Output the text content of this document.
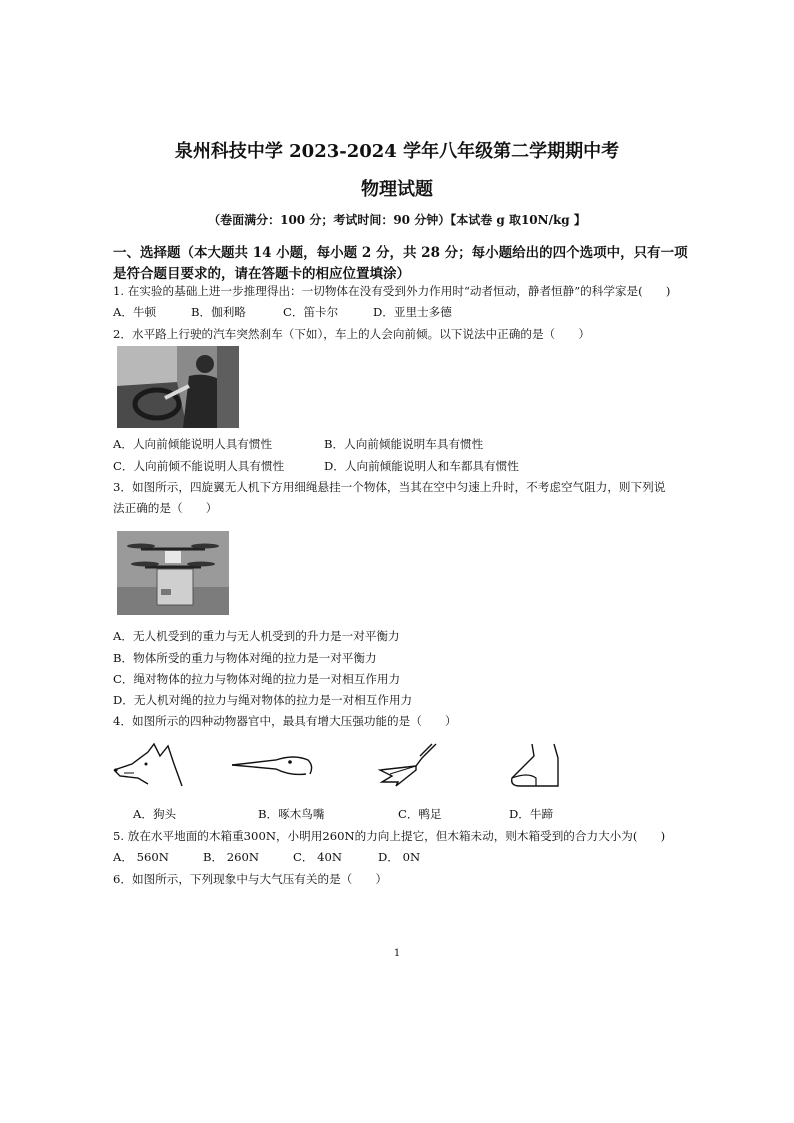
泉州科技中学 2023-2024 学年八年级第二学期期中考
物理试题
（卷面满分：100 分；考试时间：90 分钟）【本试卷 g 取10N/kg 】
一、选择题（本大题共 14 小题，每小题 2 分，共 28 分；每小题给出的四个选项中，只有一项
是符合题目要求的，请在答题卡的相应位置填涂）
1. 在实验的基础上进一步推理得出：一切物体在没有受到外力作用时“动者恒动，静者恒静”的科学家是(　　)
A．牛顿	B．伽利略	C．笛卡尔	D．亚里士多德
2．水平路上行驶的汽车突然刹车（下如），车上的人会向前倾。以下说法中正确的是（　　）
A．人向前倾能说明人具有惯性	B．人向前倾能说明车具有惯性
C．人向前倾不能说明人具有惯性	D．人向前倾能说明人和车都具有惯性
3．如图所示，四旋翼无人机下方用细绳悬挂一个物体，当其在空中匀速上升时，不考虑空气阻力，则下列说
法正确的是（　　）
A．无人机受到的重力与无人机受到的升力是一对平衡力
B．物体所受的重力与物体对绳的拉力是一对平衡力
C．绳对物体的拉力与物体对绳的拉力是一对相互作用力
D．无人机对绳的拉力与绳对物体的拉力是一对相互作用力
4．如图所示的四种动物器官中，最具有增大压强功能的是（　　）
A．狗头	B．啄木鸟嘴	C．鸭足	D．牛蹄
5. 放在水平地面的木箱重300N，小明用260N的力向上提它，但木箱未动，则木箱受到的合力大小为(　　)
A． 560N	B． 260N	C． 40N	D． 0N
6．如图所示，下列现象中与大气压有关的是（　　）
1
